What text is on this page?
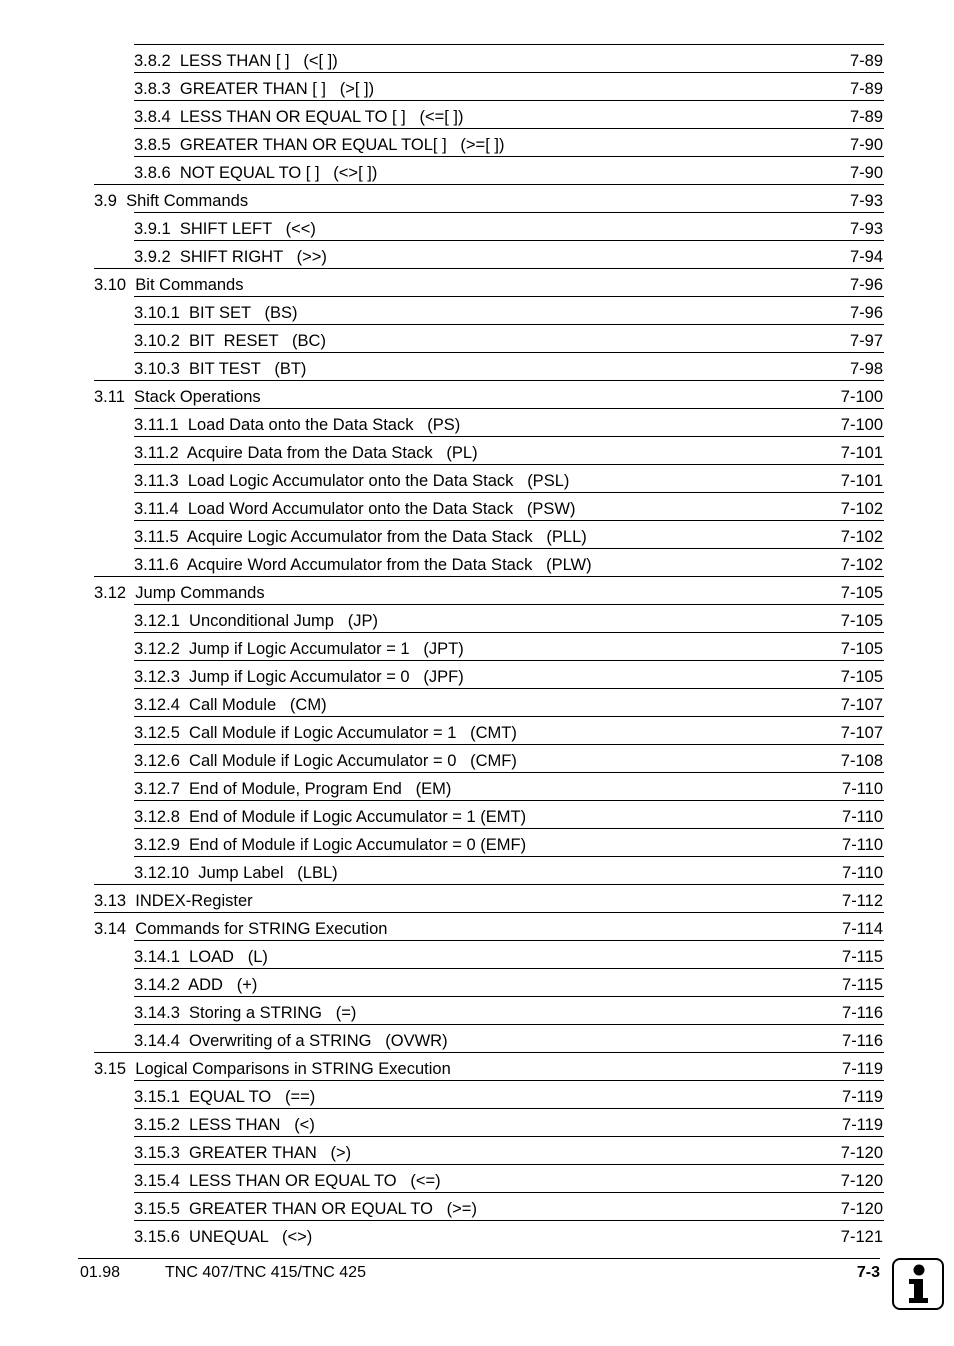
3.8.2  LESS THAN [ ]   (<[ ])	7-89
3.8.3  GREATER THAN [ ]   (>[ ])	7-89
3.8.4  LESS THAN OR EQUAL TO [ ]   (<=[ ])	7-89
3.8.5  GREATER THAN OR EQUAL TOL[ ]   (>=[ ])	7-90
3.8.6  NOT EQUAL TO [ ]   (<>[ ])	7-90
3.9  Shift Commands	7-93
3.9.1  SHIFT LEFT   (<<)	7-93
3.9.2  SHIFT RIGHT   (>>)	7-94
3.10  Bit Commands	7-96
3.10.1  BIT SET   (BS)	7-96
3.10.2  BIT  RESET   (BC)	7-97
3.10.3  BIT TEST   (BT)	7-98
3.11  Stack Operations	7-100
3.11.1  Load Data onto the Data Stack   (PS)	7-100
3.11.2  Acquire Data from the Data Stack   (PL)	7-101
3.11.3  Load Logic Accumulator onto the Data Stack   (PSL)	7-101
3.11.4  Load Word Accumulator onto the Data Stack   (PSW)	7-102
3.11.5  Acquire Logic Accumulator from the Data Stack   (PLL)	7-102
3.11.6  Acquire Word Accumulator from the Data Stack   (PLW)	7-102
3.12  Jump Commands	7-105
3.12.1  Unconditional Jump   (JP)	7-105
3.12.2  Jump if Logic Accumulator = 1   (JPT)	7-105
3.12.3  Jump if Logic Accumulator = 0   (JPF)	7-105
3.12.4  Call Module   (CM)	7-107
3.12.5  Call Module if Logic Accumulator = 1   (CMT)	7-107
3.12.6  Call Module if Logic Accumulator = 0   (CMF)	7-108
3.12.7  End of Module, Program End   (EM)	7-110
3.12.8  End of Module if Logic Accumulator = 1 (EMT)	7-110
3.12.9  End of Module if Logic Accumulator = 0 (EMF)	7-110
3.12.10  Jump Label   (LBL)	7-110
3.13  INDEX-Register	7-112
3.14  Commands for STRING Execution	7-114
3.14.1  LOAD   (L)	7-115
3.14.2  ADD   (+)	7-115
3.14.3  Storing a STRING   (=)	7-116
3.14.4  Overwriting of a STRING   (OVWR)	7-116
3.15  Logical Comparisons in STRING Execution	7-119
3.15.1  EQUAL TO   (==)	7-119
3.15.2  LESS THAN   (<)	7-119
3.15.3  GREATER THAN   (>)	7-120
3.15.4  LESS THAN OR EQUAL TO   (<=)	7-120
3.15.5  GREATER THAN OR EQUAL TO   (>=)	7-120
3.15.6  UNEQUAL   (<>)	7-121
01.98	TNC 407/TNC 415/TNC 425	7-3
